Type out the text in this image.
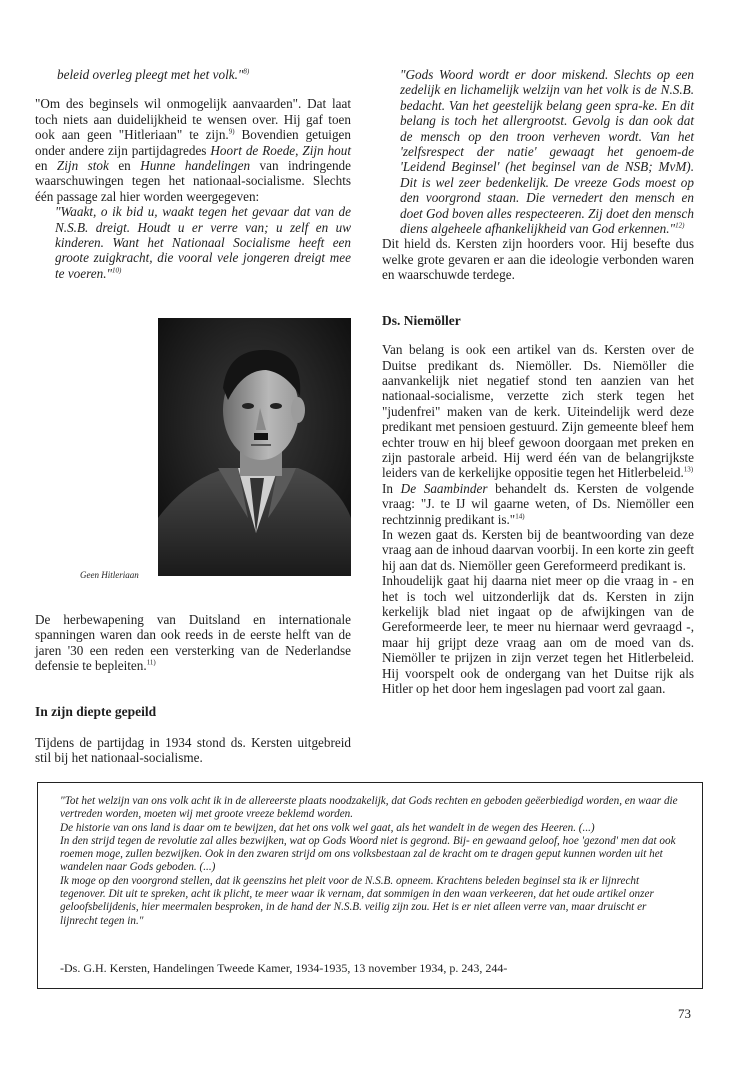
beleid overleg pleegt met het volk."$^{8)}$

"Om des beginsels wil onmogelijk aanvaarden". Dat laat toch niets aan duidelijkheid te wensen over. Hij gaf toen ook aan geen "Hitleriaan" te zijn.$^{9)}$ Bovendien getuigen onder andere zijn partijdagredes Hoort de Roede, Zijn hout en Zijn stok en Hunne handelingen van indringende waarschuwingen tegen het nationaal-socialisme. Slechts één passage zal hier worden weergegeven:

"Waakt, o ik bid u, waakt tegen het gevaar dat van de N.S.B. dreigt. Houdt u er verre van; u zelf en uw kinderen. Want het Nationaal Socialisme heeft een groote zuigkracht, die vooral vele jongeren dreigt mee te voeren."$^{10)}$

Geen Hitleriaan

De herbewapening van Duitsland en internationale spanningen waren dan ook reeds in de eerste helft van de jaren '30 een reden een versterking van de Nederlandse defensie te bepleiten.$^{11)}$

In zijn diepte gepeild

Tijdens de partijdag in 1934 stond ds. Kersten uitgebreid stil bij het nationaal-socialisme.

"Gods Woord wordt er door miskend. Slechts op een zedelijk en lichamelijk welzijn van het volk is de N.S.B. bedacht. Van het geestelijk belang geen spra-ke. En dit belang is toch het allergrootst. Gevolg is dan ook dat de mensch op den troon verheven wordt. Van het 'zelfsrespect der natie' gewaagt het genoem-de 'Leidend Beginsel' (het beginsel van de NSB; MvM). Dit is wel zeer bedenkelijk. De vreeze Gods moest op den voorgrond staan. Die vernedert den mensch en doet God boven alles respecteeren. Zij doet den mensch diens algeheele afhankelijkheid van God erkennen."$^{12)}$

Dit hield ds. Kersten zijn hoorders voor. Hij besefte dus welke grote gevaren er aan die ideologie verbonden waren en waarschuwde terdege.

Ds. Niemöller

Van belang is ook een artikel van ds. Kersten over de Duitse predikant ds. Niemöller. Ds. Niemöller die aanvankelijk niet negatief stond ten aanzien van het nationaal-socialisme, verzette zich sterk tegen het "judenfrei" maken van de kerk. Uiteindelijk werd deze predikant met pensioen gestuurd. Zijn gemeente bleef hem echter trouw en hij bleef gewoon doorgaan met preken en zijn pastorale arbeid. Hij werd één van de belangrijkste leiders van de kerkelijke oppositie tegen het Hitlerbeleid.$^{13)}$

In De Saambinder behandelt ds. Kersten de volgende vraag: "J. te IJ wil gaarne weten, of Ds. Niemöller een rechtzinnig predikant is."$^{14)}$

In wezen gaat ds. Kersten bij de beantwoording van deze vraag aan de inhoud daarvan voorbij. In een korte zin geeft hij aan dat ds. Niemöller geen Gereformeerd predikant is.

Inhoudelijk gaat hij daarna niet meer op die vraag in - en het is toch wel uitzonderlijk dat ds. Kersten in zijn kerkelijk blad niet ingaat op de afwijkingen van de Gereformeerde leer, te meer nu hiernaar werd gevraagd -, maar hij grijpt deze vraag aan om de moed van ds. Niemöller te prijzen in zijn verzet tegen het Hitlerbeleid. Hij voorspelt ook de ondergang van het Duitse rijk als Hitler op het door hem ingeslagen pad voort zal gaan.

"Tot het welzijn van ons volk acht ik in de allereerste plaats noodzakelijk, dat Gods rechten en geboden geëerbiedigd worden, en waar die vertreden worden, moeten wij met groote vreeze beklemd worden.
De historie van ons land is daar om te bewijzen, dat het ons volk wel gaat, als het wandelt in de wegen des Heeren. (...)
In den strijd tegen de revolutie zal alles bezwijken, wat op Gods Woord niet is gegrond. Bij- en gewaand geloof, hoe 'gezond' men dat ook roemen moge, zullen bezwijken. Ook in den zwaren strijd om ons volksbestaan zal de kracht om te dragen geput kunnen worden uit het wandelen naar Gods geboden. (...)
Ik moge op den voorgrond stellen, dat ik geenszins het pleit voor de N.S.B. opneem. Krachtens beleden beginsel sta ik er lijnrecht tegenover. Dit uit te spreken, acht ik plicht, te meer waar ik vernam, dat sommigen in den waan verkeeren, dat het oude artikel onzer geloofsbelijdenis, hier meermalen besproken, in de hand der N.S.B. veilig zijn zou. Het is er niet alleen verre van, maar druischt er lijnrecht tegen in."
-Ds. G.H. Kersten, Handelingen Tweede Kamer, 1934-1935, 13 november 1934, p. 243, 244-
73
